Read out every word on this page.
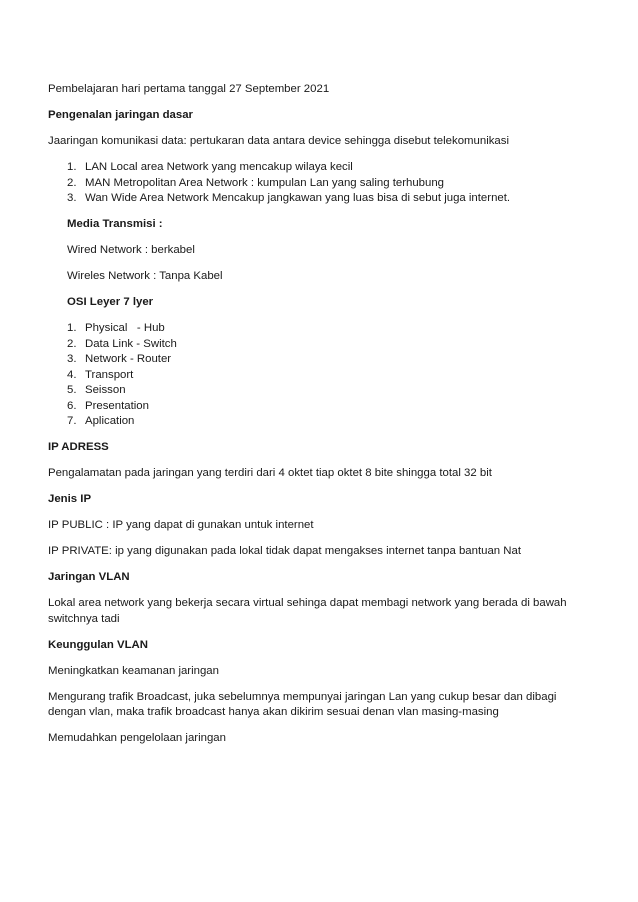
Pembelajaran hari pertama tanggal 27 September 2021

Pengenalan jaringan dasar

Jaaringan komunikasi data: pertukaran data antara device sehingga disebut telekomunikasi

1. LAN Local area Network yang mencakup wilaya kecil
2. MAN Metropolitan Area Network : kumpulan Lan yang saling terhubung
3. Wan Wide Area Network Mencakup jangkawan yang luas bisa di sebut juga internet.

Media Transmisi :

Wired Network : berkabel

Wireles Network : Tanpa Kabel

OSI Leyer 7 lyer

1. Physical   - Hub
2. Data Link - Switch
3. Network - Router
4. Transport
5. Seisson
6. Presentation
7. Aplication

IP ADRESS

Pengalamatan pada jaringan yang terdiri dari 4 oktet tiap oktet 8 bite shingga total 32 bit

Jenis IP

IP PUBLIC : IP yang dapat di gunakan untuk internet

IP PRIVATE: ip yang digunakan pada lokal tidak dapat mengakses internet tanpa bantuan Nat

Jaringan VLAN

Lokal area network yang bekerja secara virtual sehinga dapat membagi network yang berada di bawah
switchnya tadi

Keunggulan VLAN

Meningkatkan keamanan jaringan

Mengurang trafik Broadcast, juka sebelumnya mempunyai jaringan Lan yang cukup besar dan dibagi
dengan vlan, maka trafik broadcast hanya akan dikirim sesuai denan vlan masing-masing

Memudahkan pengelolaan jaringan
